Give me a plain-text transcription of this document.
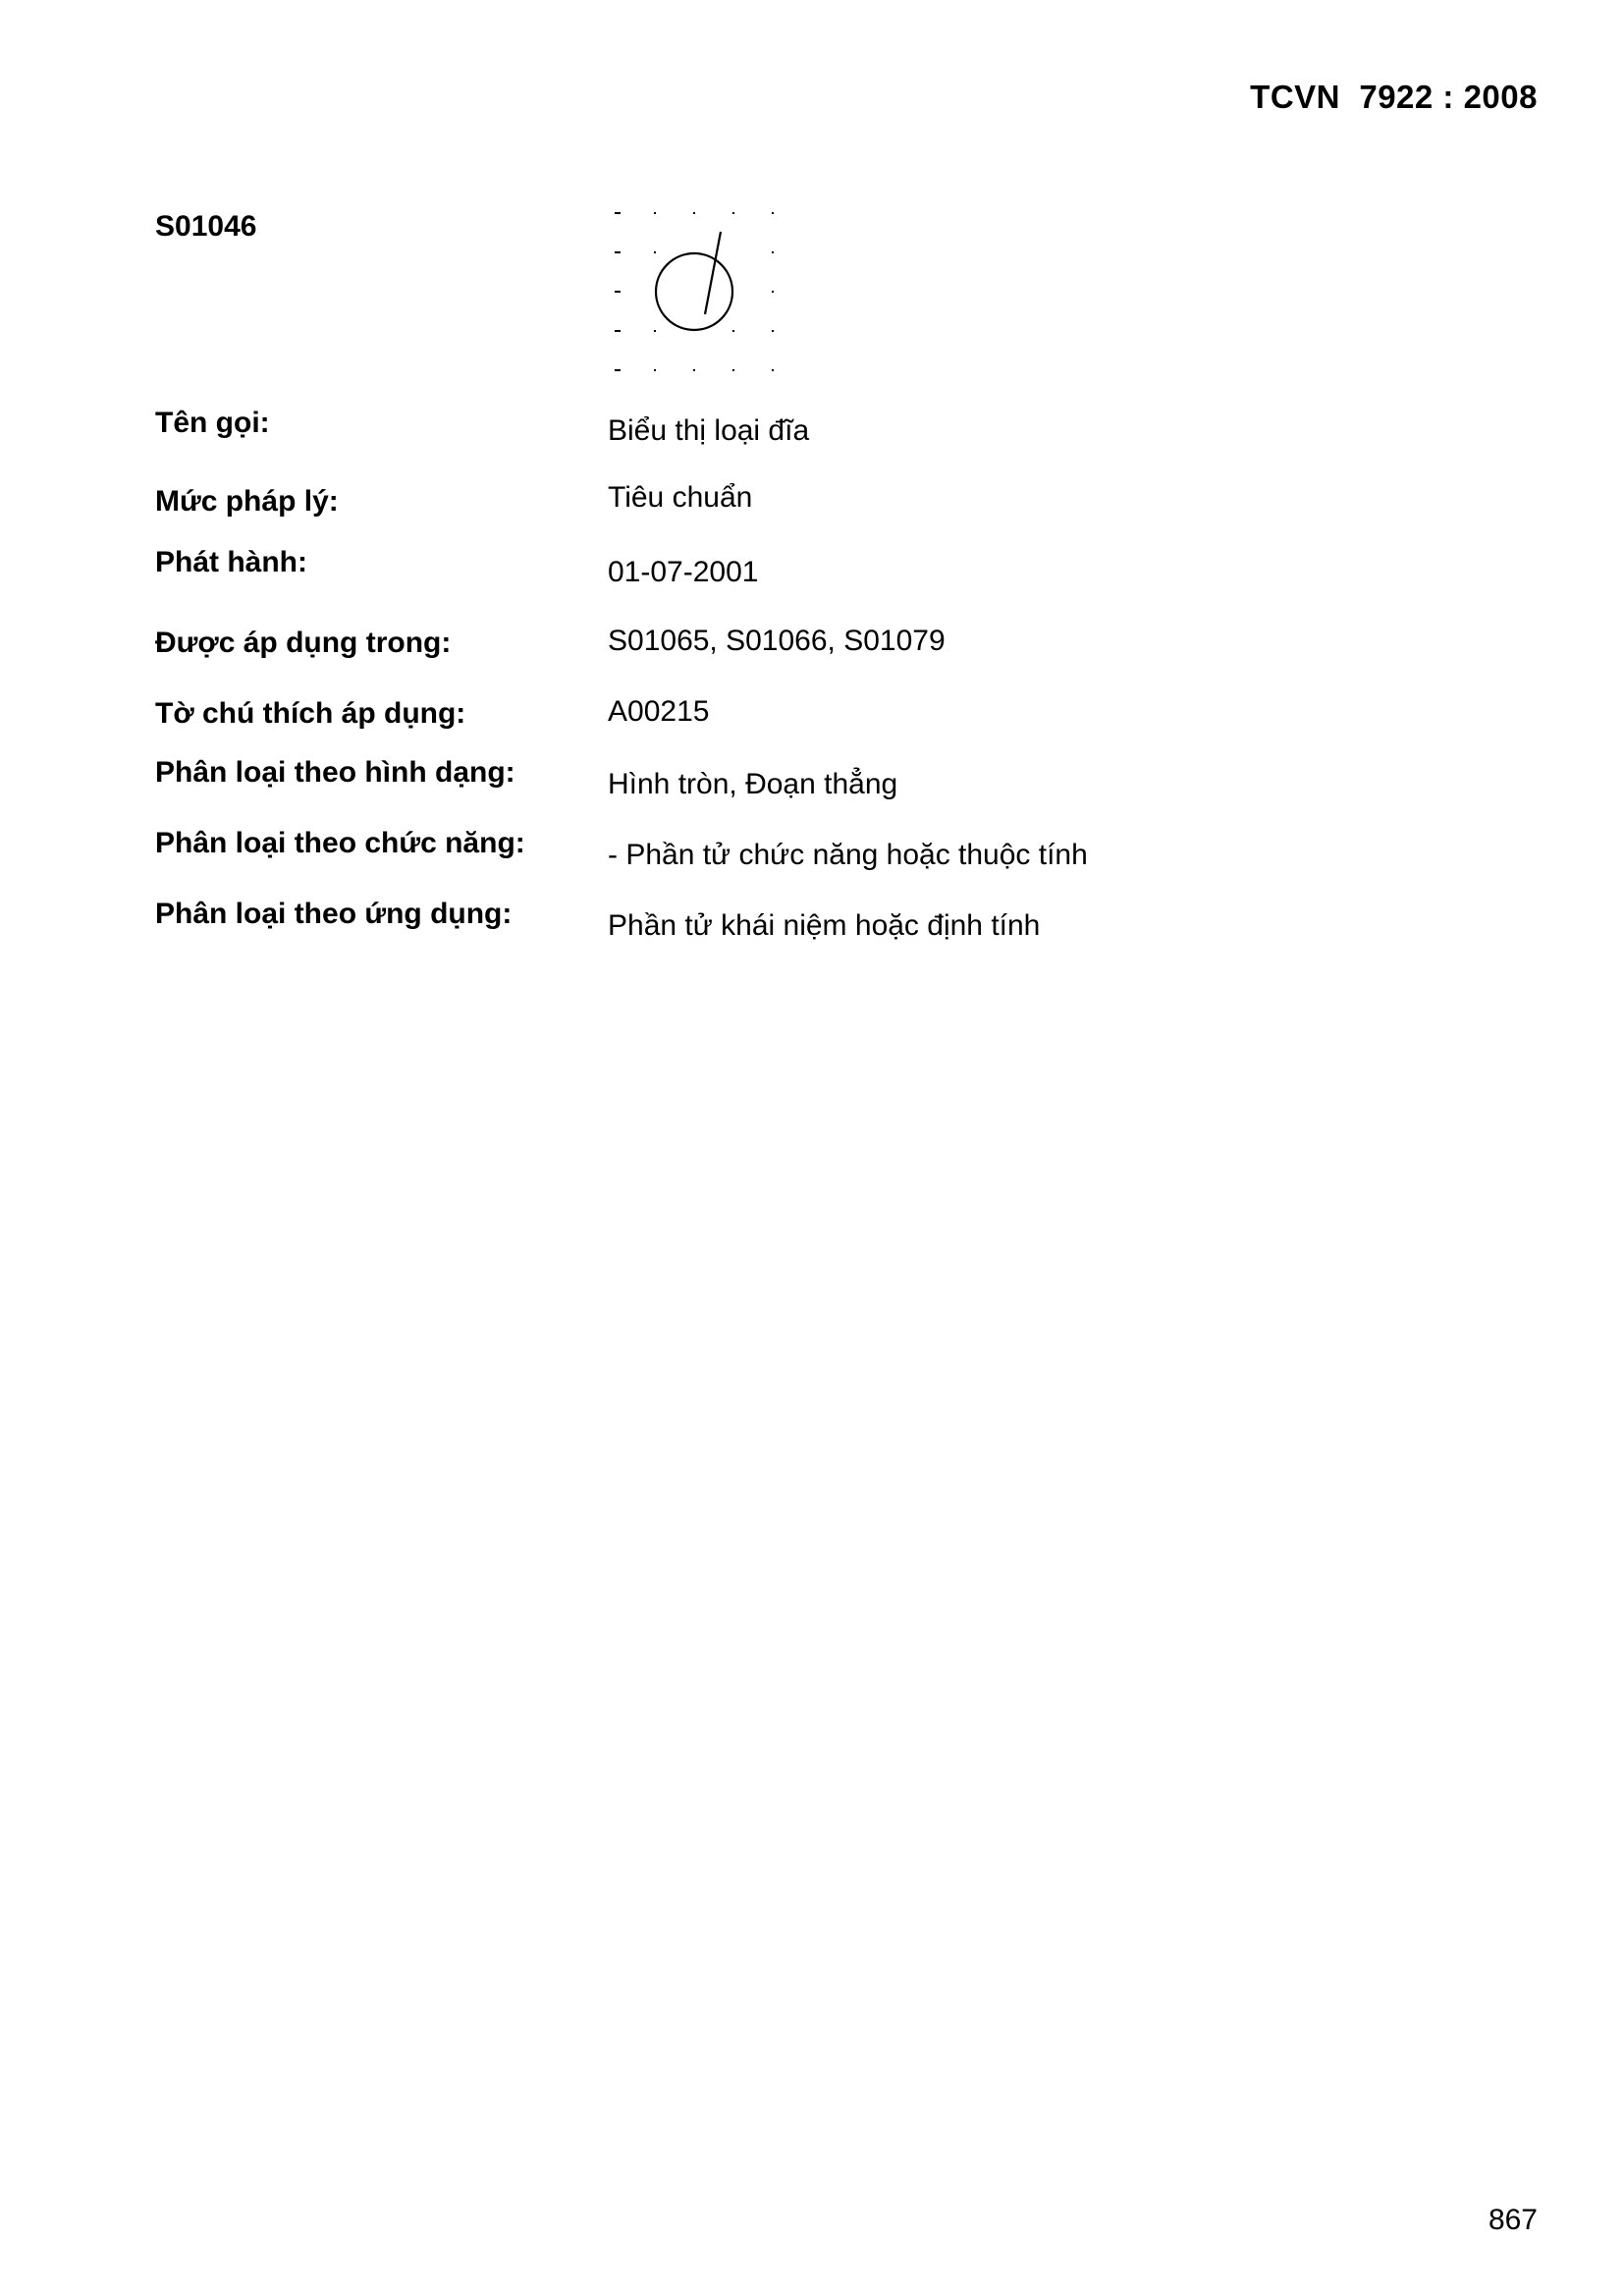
TCVN  7922 : 2008
S01046
Tên gọi:	Biểu thị loại đĩa
Mức pháp lý:	Tiêu chuẩn
Phát hành:	01-07-2001
Được áp dụng trong:	S01065, S01066, S01079
Tờ chú thích áp dụng:	A00215
Phân loại theo hình dạng:	Hình tròn, Đoạn thẳng
Phân loại theo chức năng:	- Phần tử chức năng hoặc thuộc tính
Phân loại theo ứng dụng:	Phần tử khái niệm hoặc định tính
867
